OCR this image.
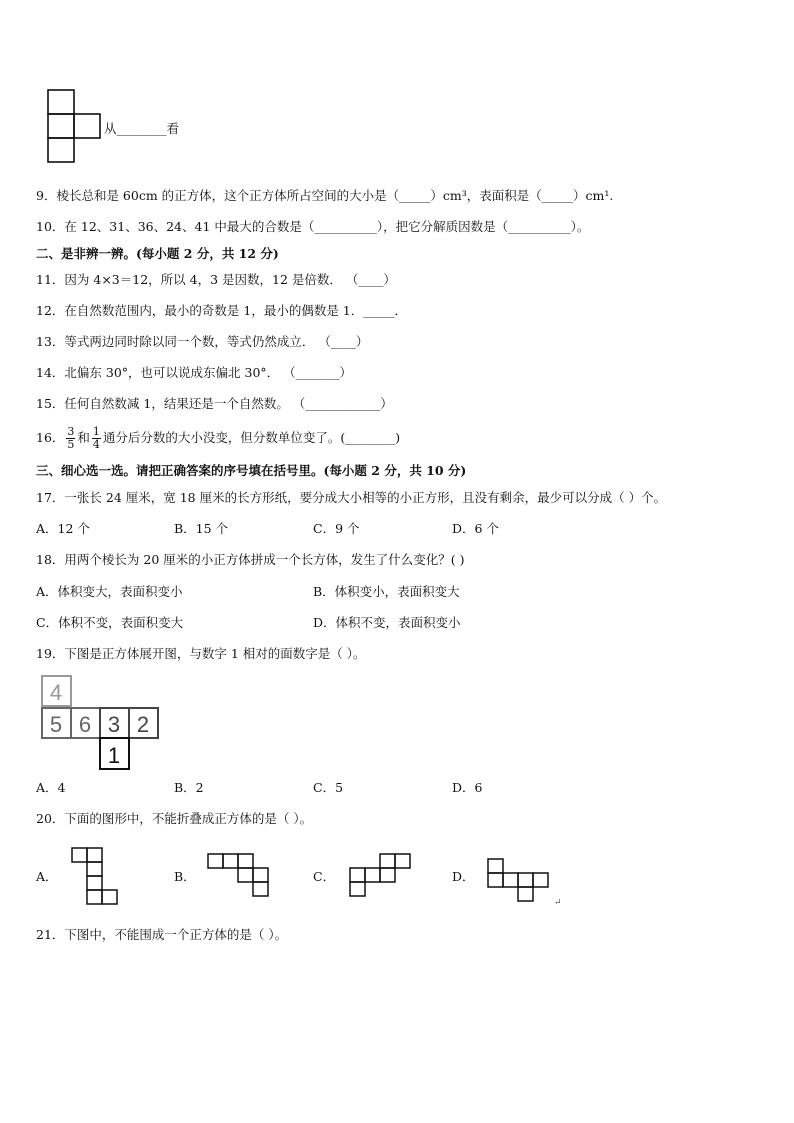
从________看
9．棱长总和是 60cm 的正方体，这个正方体所占空间的大小是（_____）cm³，表面积是（_____）cm¹.
10．在 12、31、36、24、41 中最大的合数是（__________），把它分解质因数是（__________）。
二、是非辨一辨。(每小题 2 分，共 12 分)
11．因为 4×3＝12，所以 4，3 是因数，12 是倍数． （____）
12．在自然数范围内，最小的奇数是 1，最小的偶数是 1．_____．
13．等式两边同时除以同一个数，等式仍然成立． （____）
14．北偏东 30°，也可以说成东偏北 30°． （_______）
15．任何自然数减 1，结果还是一个自然数。 （____________）
16． $\frac{3}{5}$ 和 $\frac{1}{4}$ 通分后分数的大小没变，但分数单位变了。(________)
三、细心选一选。请把正确答案的序号填在括号里。(每小题 2 分，共 10 分)
17．一张长 24 厘米，宽 18 厘米的长方形纸，要分成大小相等的小正方形，且没有剩余，最少可以分成（ ）个。
A．12 个	B．15 个	C．9 个	D．6 个
18．用两个棱长为 20 厘米的小正方体拼成一个长方体，发生了什么变化？( )
A．体积变大，表面积变小	B．体积变小，表面积变大
C．体积不变，表面积变大	D．体积不变，表面积变小
19．下图是正方体展开图，与数字 1 相对的面数字是（ ）。
4
5 6 3 2
1
A．4	B．2	C．5	D．6
20．下面的图形中，不能折叠成正方体的是（ ）。
A．	B．	C．	D．
↵
21．下图中，不能围成一个正方体的是（ ）。
